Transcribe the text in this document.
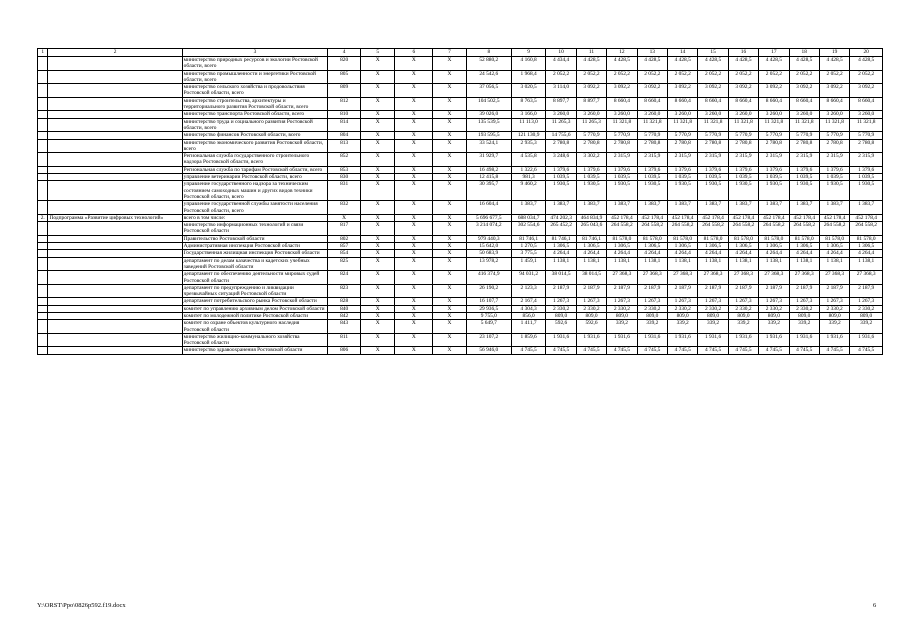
1	2	3	4	5	6	7	8	9	10	11	12	13	14	15	16	17	18	19	20
		министерство природных ресурсов и экологии Ростовской области, всего	820	X	X	X	52 880,2	4 160,8	4 434,4	4 428,5	4 428,5	4 428,5	4 428,5	4 428,5	4 428,5	4 428,5	4 428,5	4 428,5	4 428,5
		министерство промышленности и энергетики Ростовской области, всего	805	X	X	X	24 542,6	1 968,4	2 052,2	2 052,2	2 052,2	2 052,2	2 052,2	2 052,2	2 052,2	2 052,2	2 052,2	2 052,2	2 052,2
		министерство сельского хозяйства и продовольствия Ростовской области, всего	809	X	X	X	37 056,5	3 020,5	3 114,0	3 092,2	3 092,2	3 092,2	3 092,2	3 092,2	3 092,2	3 092,2	3 092,2	3 092,2	3 092,2
		министерство строительства, архитектуры и территориального развития Ростовской области, всего	812	X	X	X	104 502,5	8 763,5	8 897,7	8 897,7	8 660,4	8 660,4	8 660,4	8 660,4	8 660,4	8 660,4	8 660,4	8 660,4	8 660,4
		министерство транспорта Ростовской области, всего	810	X	X	X	39 026,0	3 166,0	3 260,0	3 260,0	3 260,0	3 260,0	3 260,0	3 260,0	3 260,0	3 260,0	3 260,0	3 260,0	3 260,0
		министерство труда и социального развития Ростовской области, всего	814	X	X	X	135 539,5	11 113,0	11 265,3	11 265,3	11 321,8	11 321,8	11 321,8	11 321,8	11 321,8	11 321,8	11 321,8	11 321,8	11 321,8
		министерство финансов Ростовской области, всего	804	X	X	X	193 595,5	121 130,9	14 755,6	5 770,9	5 770,9	5 770,9	5 770,9	5 770,9	5 770,9	5 770,9	5 770,9	5 770,9	5 770,9
		министерство экономического развития Ростовской области, всего	813	X	X	X	33 524,1	2 935,3	2 780,8	2 780,8	2 780,8	2 780,8	2 780,8	2 780,8	2 780,8	2 780,8	2 780,8	2 780,8	2 780,8
		Региональная служба государственного строительного надзора Ростовской области, всего	852	X	X	X	31 929,7	4 535,8	3 248,6	3 302,2	2 315,9	2 315,9	2 315,9	2 315,9	2 315,9	2 315,9	2 315,9	2 315,9	2 315,9
		Региональная служба по тарифам Ростовской области, всего	853	X	X	X	16 498,2	1 322,6	1 379,6	1 379,6	1 379,6	1 379,6	1 379,6	1 379,6	1 379,6	1 379,6	1 379,6	1 379,6	1 379,6
		управление ветеринарии Ростовской области, всего	830	X	X	X	12 415,8	981,3	1 039,5	1 039,5	1 039,5	1 039,5	1 039,5	1 039,5	1 039,5	1 039,5	1 039,5	1 039,5	1 039,5
		управление государственного надзора за техническим состоянием самоходных машин и других видов техники Ростовской области, всего	831	X	X	X	30 395,7	9 460,2	1 930,5	1 930,5	1 930,5	1 930,5	1 930,5	1 930,5	1 930,5	1 930,5	1 930,5	1 930,5	1 930,5
		управление государственной службы занятости населения Ростовской области, всего	832	X	X	X	16 604,4	1 383,7	1 383,7	1 383,7	1 383,7	1 383,7	1 383,7	1 383,7	1 383,7	1 383,7	1 383,7	1 383,7	1 383,7
2.	Подпрограмма «Развитие цифровых технологий»	всего в том числе:	X	X	X	X	5 696 677,5	688 034,7	474 202,3	464 834,9	452 178,4	452 178,4	452 178,4	452 178,4	452 178,4	452 178,4	452 178,4	452 178,4	452 178,4
		министерство информационных технологий и связи Ростовской области	817	X	X	X	3 214 074,2	302 554,6	265 452,2	265 043,6	264 558,2	264 558,2	264 558,2	264 558,2	264 558,2	264 558,2	264 558,2	264 558,2	264 558,2
		Правительство Ростовской области	802	X	X	X	979 440,3	81 746,1	81 746,1	81 746,1	81 578,0	81 578,0	81 578,0	81 578,0	81 578,0	81 578,0	81 578,0	81 578,0	81 578,0
		Административная инспекция Ростовской области	857	X	X	X	15 642,0	1 270,5	1 306,5	1 306,5	1 306,5	1 306,5	1 306,5	1 306,5	1 306,5	1 306,5	1 306,5	1 306,5	1 306,5
		Государственная жилищная инспекция Ростовской области	854	X	X	X	50 683,9	3 775,5	4 264,4	4 264,4	4 264,4	4 264,4	4 264,4	4 264,4	4 264,4	4 264,4	4 264,4	4 264,4	4 264,4
		департамент по делам казачества и кадетских учебных заведений Ростовской области	825	X	X	X	13 978,2	1 459,1	1 138,1	1 138,1	1 138,1	1 138,1	1 138,1	1 138,1	1 138,1	1 138,1	1 138,1	1 138,1	1 138,1
		департамент по обеспечению деятельности мировых судей Ростовской области	824	X	X	X	416 374,9	94 031,2	38 014,5	38 014,5	27 368,3	27 368,3	27 368,3	27 368,3	27 368,3	27 368,3	27 368,3	27 368,3	27 368,3
		департамент по предупреждению и ликвидации чрезвычайных ситуаций Ростовской области	823	X	X	X	26 190,2	2 123,3	2 187,9	2 187,9	2 187,9	2 187,9	2 187,9	2 187,9	2 187,9	2 187,9	2 187,9	2 187,9	2 187,9
		департамент потребительского рынка Ростовской области	828	X	X	X	16 107,7	2 167,4	1 267,3	1 267,3	1 267,3	1 267,3	1 267,3	1 267,3	1 267,3	1 267,3	1 267,3	1 267,3	1 267,3
		комитет по управлению архивным делом Ростовской области	840	X	X	X	29 936,5	4 304,3	2 330,2	2 330,2	2 330,2	2 330,2	2 330,2	2 330,2	2 330,2	2 330,2	2 330,2	2 330,2	2 330,2
		комитет по молодежной политике Ростовской области	842	X	X	X	9 755,0	856,0	809,0	809,0	809,0	809,0	809,0	809,0	809,0	809,0	809,0	809,0	809,0
		комитет по охране объектов культурного наследия Ростовской области	843	X	X	X	5 649,7	1 411,7	592,6	592,6	339,2	339,2	339,2	339,2	339,2	339,2	339,2	339,2	339,2
		министерство жилищно-коммунального хозяйства Ростовской области	811	X	X	X	23 107,2	1 859,6	1 931,6	1 931,6	1 931,6	1 931,6	1 931,6	1 931,6	1 931,6	1 931,6	1 931,6	1 931,6	1 931,6
		министерство здравоохранения Ростовской области	806	X	X	X	56 946,0	4 745,5	4 745,5	4 745,5	4 745,5	4 745,5	4 745,5	4 745,5	4 745,5	4 745,5	4 745,5	4 745,5	4 745,5
Y:\ORST\Ppo\0826p592.f19.docx	6
